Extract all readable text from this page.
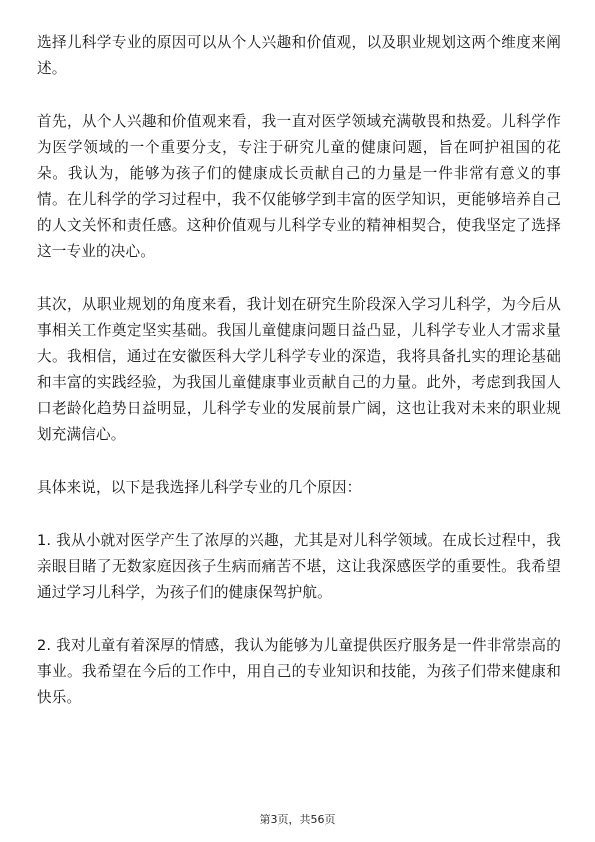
选择儿科学专业的原因可以从个人兴趣和价值观，以及职业规划这两个维度来阐述。

首先，从个人兴趣和价值观来看，我一直对医学领域充满敬畏和热爱。儿科学作为医学领域的一个重要分支，专注于研究儿童的健康问题，旨在呵护祖国的花朵。我认为，能够为孩子们的健康成长贡献自己的力量是一件非常有意义的事情。在儿科学的学习过程中，我不仅能够学到丰富的医学知识，更能够培养自己的人文关怀和责任感。这种价值观与儿科学专业的精神相契合，使我坚定了选择这一专业的决心。

其次，从职业规划的角度来看，我计划在研究生阶段深入学习儿科学，为今后从事相关工作奠定坚实基础。我国儿童健康问题日益凸显，儿科学专业人才需求量大。我相信，通过在安徽医科大学儿科学专业的深造，我将具备扎实的理论基础和丰富的实践经验，为我国儿童健康事业贡献自己的力量。此外，考虑到我国人口老龄化趋势日益明显，儿科学专业的发展前景广阔，这也让我对未来的职业规划充满信心。

具体来说，以下是我选择儿科学专业的几个原因：

1. 我从小就对医学产生了浓厚的兴趣，尤其是对儿科学领域。在成长过程中，我亲眼目睹了无数家庭因孩子生病而痛苦不堪，这让我深感医学的重要性。我希望通过学习儿科学，为孩子们的健康保驾护航。

2. 我对儿童有着深厚的情感，我认为能够为儿童提供医疗服务是一件非常崇高的事业。我希望在今后的工作中，用自己的专业知识和技能，为孩子们带来健康和快乐。

第3页，共56页
